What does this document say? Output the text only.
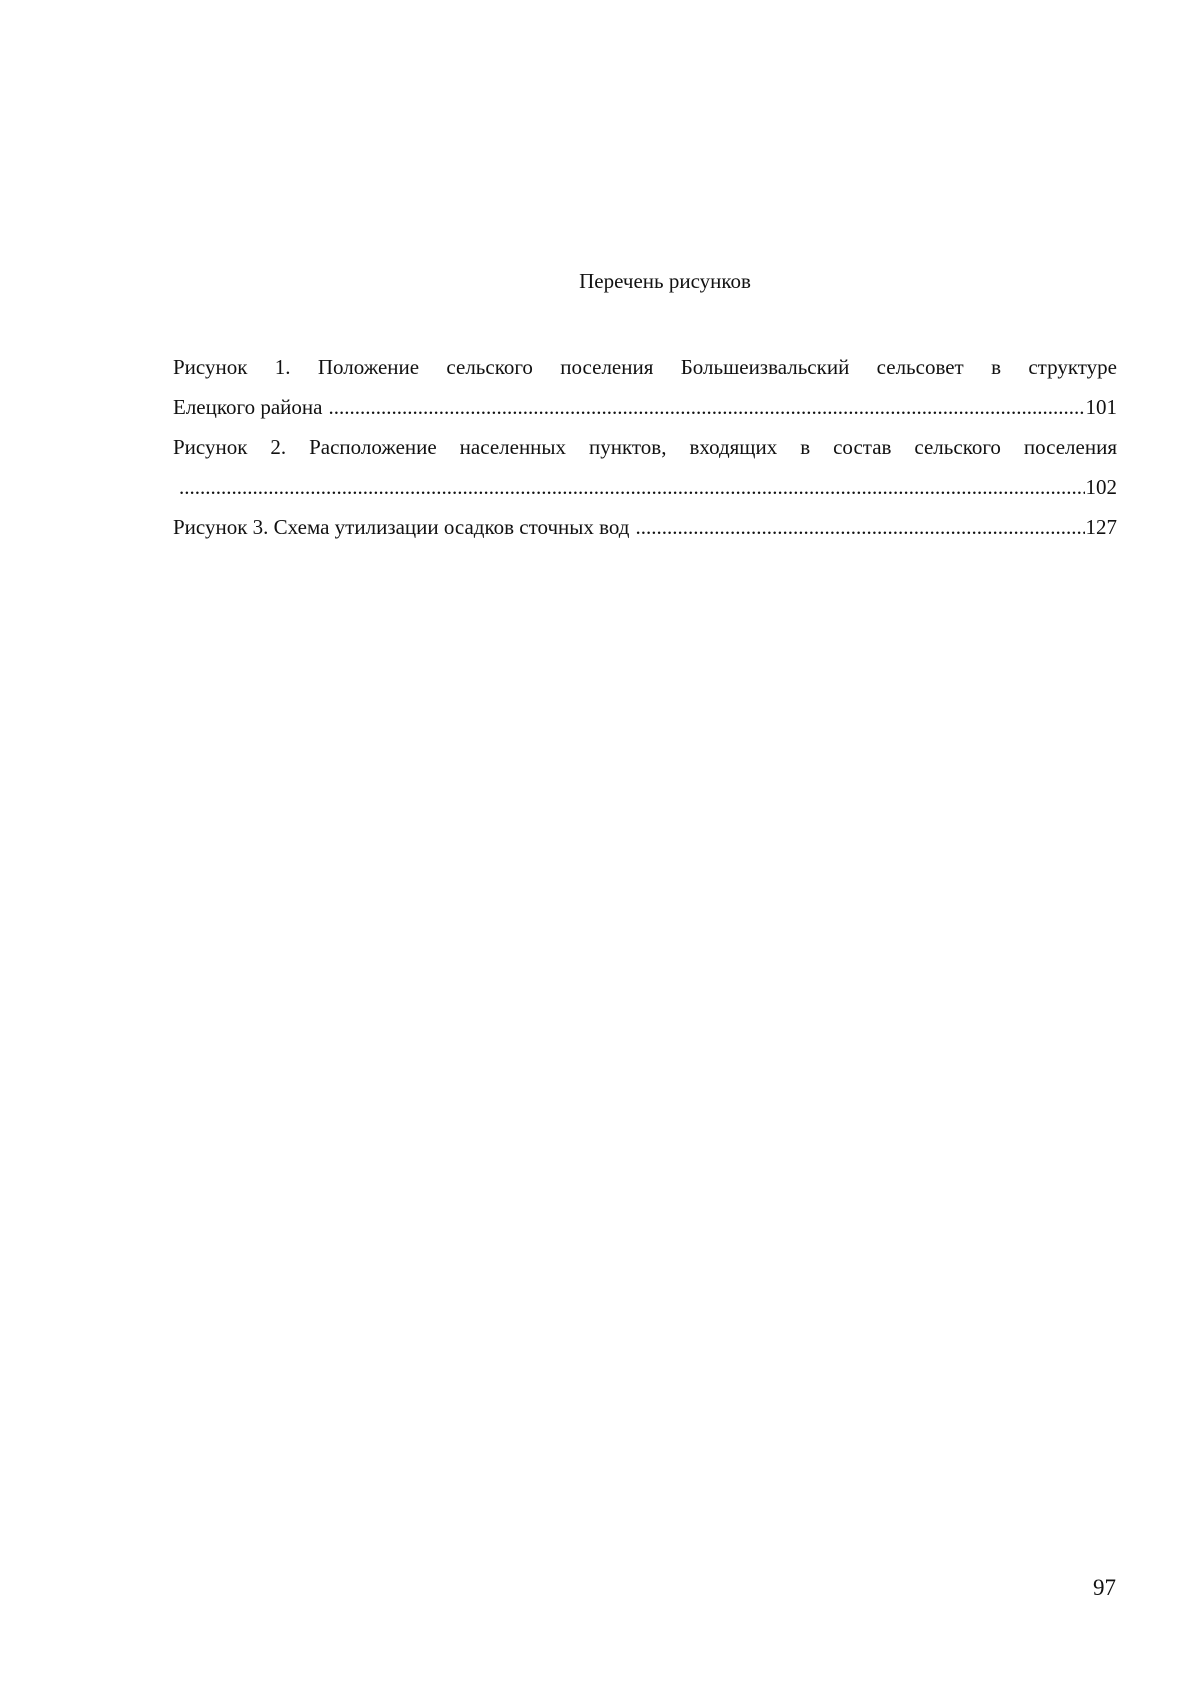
Перечень рисунков
Рисунок 1. Положение сельского поселения Большеизвальский сельсовет в структуре
Елецкого района .....	101
Рисунок 2. Расположение населенных пунктов, входящих в состав сельского поселения
.....
102
Рисунок 3. Схема утилизации осадков сточных вод .....	127
97
